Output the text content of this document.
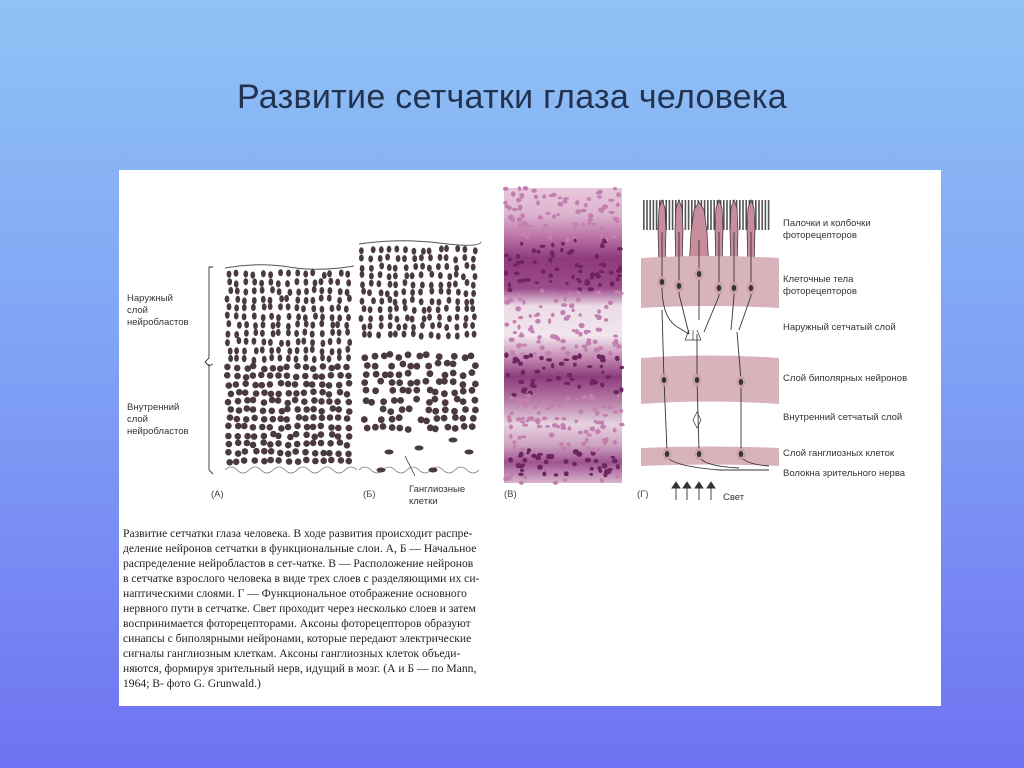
Развитие сетчатки глаза человека
Наружный
слой
нейробластов
Внутренний
слой
нейробластов
(А)	Ганглиозные
клетки
(Б)	(В)	Свет
(Г)
Палочки и колбочки
фоторецепторов
Клеточные тела
фоторецепторов
Наружный сетчатый слой
Слой биполярных нейронов
Внутренний сетчатый слой
Слой ганглиозных клеток
Волокна зрительного нерва
Развитие сетчатки глаза человека. В ходе развития происходит распре-
деление нейронов сетчатки в функциональные слои. А, Б — Начальное
распределение нейробластов в сет-чатке. В — Расположение нейронов
в сетчатке взрослого человека в виде трех слоев с разделяющими их си-
наптическими слоями. Г — Функциональное отображение основного
нервного пути в сетчатке. Свет проходит через несколько слоев и затем
воспринимается фоторецепторами. Аксоны фоторецепторов образуют
синапсы с биполярными нейронами, которые передают электрические
сигналы ганглиозным клеткам. Аксоны ганглиозных клеток объеди-
няются, формируя зрительный нерв, идущий в мозг. (А и Б — по Mann,
1964; В- фото G. Grunwald.)
